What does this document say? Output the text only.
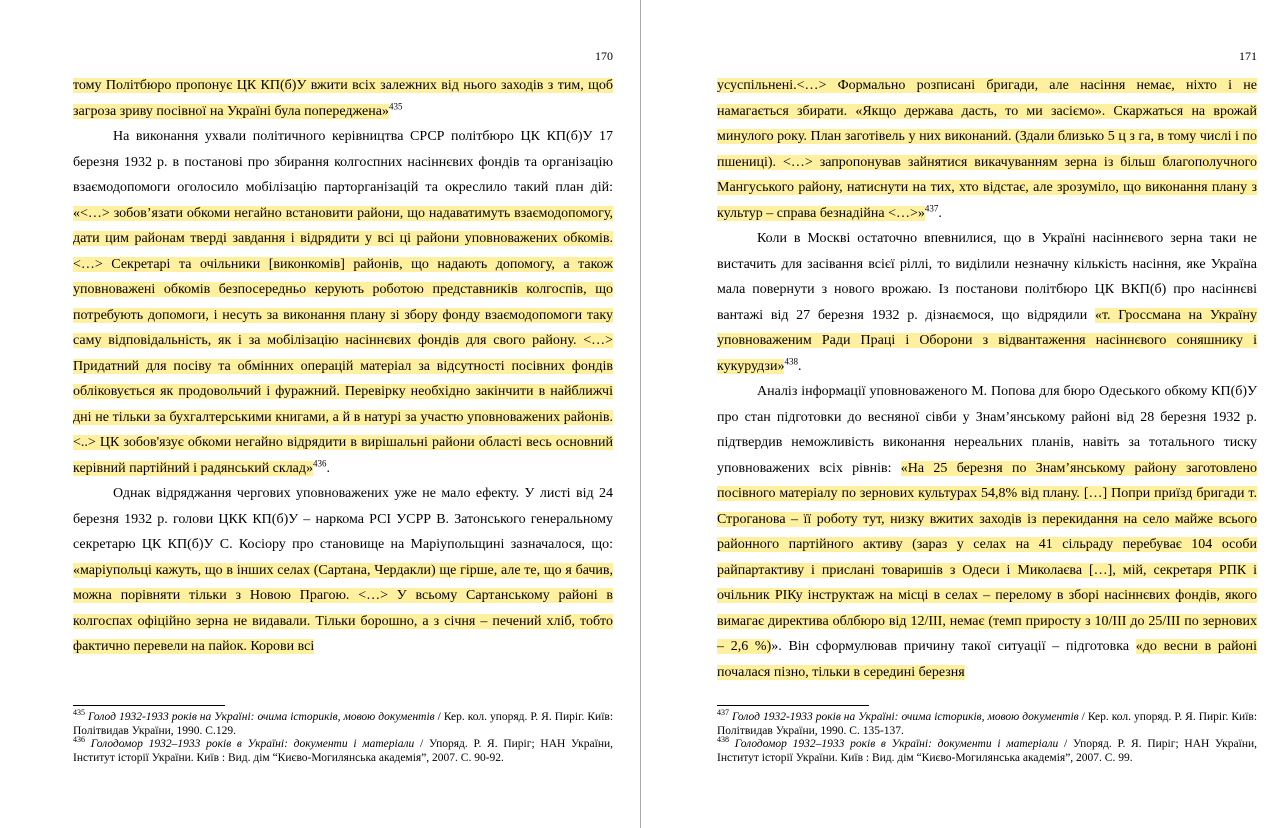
170

тому Політбюро пропонує ЦК КП(б)У вжити всіх залежних від нього заходів з тим, щоб загроза зриву посівної на Україні була попереджена»$^{435}$

На виконання ухвали політичного керівництва СРСР політбюро ЦК КП(б)У 17 березня 1932 р. в постанові про збирання колгоспних насіннєвих фондів та організацію взаємодопомоги оголосило мобілізацію парторганізацій та окреслило такий план дій: «<…> зобов’язати обкоми негайно встановити райони, що надаватимуть взаємодопомогу, дати цим районам тверді завдання і відрядити у всі ці райони уповноважених обкомів. <…> Секретарі та очільники [виконкомів] районів, що надають допомогу, а також уповноважені обкомів безпосередньо керують роботою представників колгоспів, що потребують допомоги, і несуть за виконання плану зі збору фонду взаємодопомоги таку саму відповідальність, як і за мобілізацію насіннєвих фондів для свого району. <…> Придатний для посіву та обмінних операцій матеріал за відсутності посівних фондів обліковується як продовольчий і фуражний. Перевірку необхідно закінчити в найближчі дні не тільки за бухгалтерськими книгами, а й в натурі за участю уповноважених районів. <..> ЦК зобов'язує обкоми негайно відрядити в вирішальні райони області весь основний керівний партійний і радянський склад»$^{436}$.

Однак відряджання чергових уповноважених уже не мало ефекту. У листі від 24 березня 1932 р. голови ЦКК КП(б)У – наркома РСІ УСРР В. Затонського генеральному секретарю ЦК КП(б)У С. Косіору про становище на Маріупольщині зазначалося, що: «маріупольці кажуть, що в інших селах (Сартана, Чердакли) ще гірше, але те, що я бачив, можна порівняти тільки з Новою Прагою. <…> У всьому Сартанському районі в колгоспах офіційно зерна не видавали. Тільки борошно, а з січня – печений хліб, тобто фактично перевели на пайок. Корови всі

$^{435}$ Голод 1932-1933 років на Україні: очима істориків, мовою документів / Кер. кол. упоряд. Р. Я. Пиріг. Київ: Політвидав України, 1990. С.129.

$^{436}$ Голодомор 1932–1933 років в Україні: документи і матеріали / Упоряд. Р. Я. Пиріг; НАН України, Інститут історії України. Київ : Вид. дім “Києво-Могилянська академія”, 2007. С. 90-92.

171

усуспільнені.<…> Формально розписані бригади, але насіння немає, ніхто і не намагається збирати. «Якщо держава дасть, то ми засіємо». Скаржаться на врожай минулого року. План заготівель у них виконаний. (Здали близько 5 ц з га, в тому числі і по пшениці). <…> запропонував зайнятися викачуванням зерна із більш благополучного Мангуського району, натиснути на тих, хто відстає, але зрозуміло, що виконання плану з культур – справа безнадійна <…>»$^{437}$.

Коли в Москві остаточно впевнилися, що в Україні насіннєвого зерна таки не вистачить для засівання всієї ріллі, то виділили незначну кількість насіння, яке Україна мала повернути з нового врожаю. Із постанови політбюро ЦК ВКП(б) про насіннєві вантажі від 27 березня 1932 р. дізнаємося, що відрядили «т. Гроссмана на Україну уповноваженим Ради Праці і Оборони з відвантаження насіннєвого соняшнику і кукурудзи»$^{438}$.

Аналіз інформації уповноваженого М. Попова для бюро Одеського обкому КП(б)У про стан підготовки до весняної сівби у Знам’янському районі від 28 березня 1932 р. підтвердив неможливість виконання нереальних планів, навіть за тотального тиску уповноважених всіх рівнів: «На 25 березня по Знам’янському району заготовлено посівного матеріалу по зернових культурах 54,8% від плану. […] Попри приїзд бригади т. Строганова – її роботу тут, низку вжитих заходів із перекидання на село майже всього районного партійного активу (зараз у селах на 41 сільраду перебуває 104 особи райпартактиву і прислані товаришів з Одеси і Миколаєва […], мій, секретаря РПК і очільник РІКу інструктаж на місці в селах – перелому в зборі насіннєвих фондів, якого вимагає директива облбюро від 12/ІІІ, немає (темп приросту з 10/ІІІ до 25/ІІІ по зернових – 2,6 %)». Він сформулював причину такої ситуації – підготовка «до весни в районі почалася пізно, тільки в середині березня

$^{437}$ Голод 1932-1933 років на Україні: очима істориків, мовою документів / Кер. кол. упоряд. Р. Я. Пиріг. Київ: Політвидав України, 1990. С. 135-137.

$^{438}$ Голодомор 1932–1933 років в Україні: документи і матеріали / Упоряд. Р. Я. Пиріг; НАН України, Інститут історії України. Київ : Вид. дім “Києво-Могилянська академія”, 2007. С. 99.
